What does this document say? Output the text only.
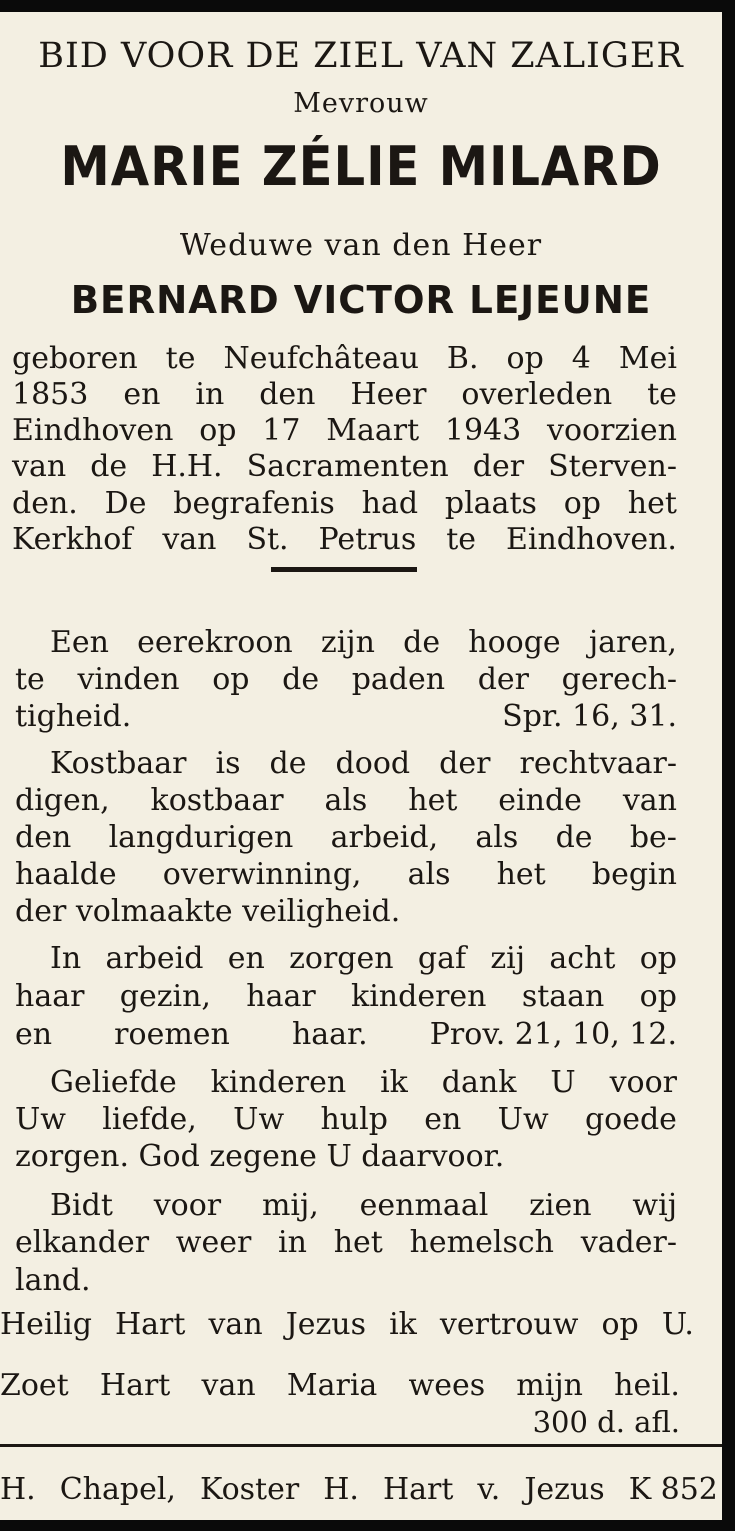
BID VOOR DE ZIEL VAN ZALIGER
Mevrouw
MARIE ZÉLIE MILARD
Weduwe van den Heer
BERNARD VICTOR LEJEUNE
geboren te Neufchâteau B. op 4 Mei
1853 en in den Heer overleden te
Eindhoven op 17 Maart 1943 voorzien
van de H.H. Sacramenten der Sterven-
den. De begrafenis had plaats op het
Kerkhof van St. Petrus te Eindhoven.
Een eerekroon zijn de hooge jaren,
te vinden op de paden der gerech-
tigheid.	Spr. 16, 31.
Kostbaar is de dood der rechtvaar-
digen, kostbaar als het einde van
den langdurigen arbeid, als de be-
haalde overwinning, als het begin
der volmaakte veiligheid.
In arbeid en zorgen gaf zij acht op
haar gezin, haar kinderen staan op
en roemen haar. Prov. 21, 10, 12.
Geliefde kinderen ik dank U voor
Uw liefde, Uw hulp en Uw goede
zorgen. God zegene U daarvoor.
Bidt voor mij, eenmaal zien wij
elkander weer in het hemelsch vader-
land.
Heilig Hart van Jezus ik vertrouw op U.
Zoet Hart van Maria wees mijn heil.
300 d. afl.
H. Chapel, Koster H. Hart v. Jezus K 852
